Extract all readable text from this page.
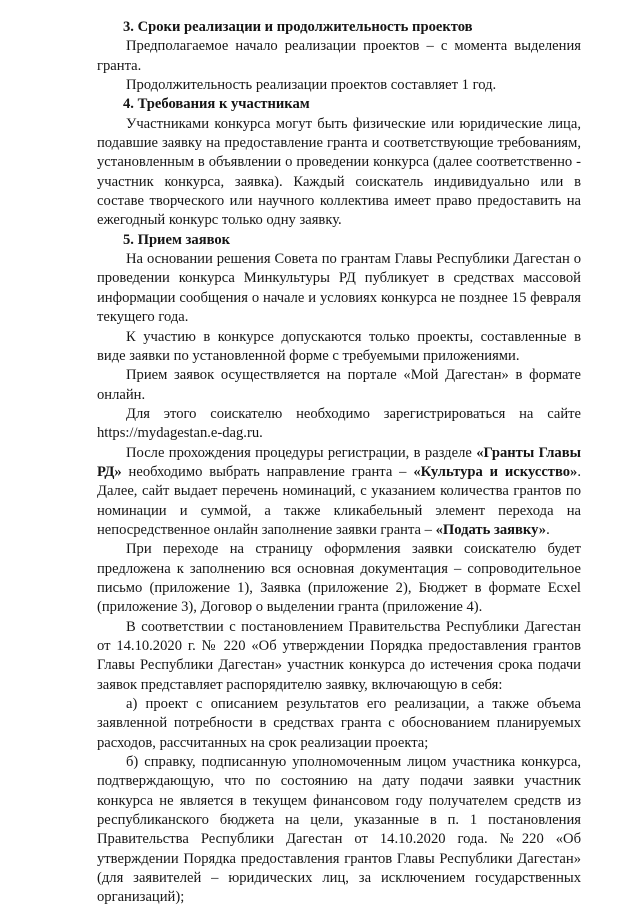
3. Сроки реализации и продолжительность проектов

Предполагаемое начало реализации проектов – с момента выделения гранта.

Продолжительность реализации проектов составляет 1 год.

4. Требования к участникам

Участниками конкурса могут быть физические или юридические лица, подавшие заявку на предоставление гранта и соответствующие требованиям, установленным в объявлении о проведении конкурса (далее соответственно - участник конкурса, заявка). Каждый соискатель индивидуально или в составе творческого или научного коллектива имеет право предоставить на ежегодный конкурс только одну заявку.

5. Прием заявок

На основании решения Совета по грантам Главы Республики Дагестан о проведении конкурса Минкультуры РД публикует в средствах массовой информации сообщения о начале и условиях конкурса не позднее 15 февраля текущего года.

К участию в конкурсе допускаются только проекты, составленные в виде заявки по установленной форме с требуемыми приложениями.

Прием заявок осуществляется на портале «Мой Дагестан» в формате онлайн.

Для этого соискателю необходимо зарегистрироваться на сайте https://mydagestan.e-dag.ru.

После прохождения процедуры регистрации, в разделе «Гранты Главы РД» необходимо выбрать направление гранта – «Культура и искусство». Далее, сайт выдает перечень номинаций, с указанием количества грантов по номинации и суммой, а также кликабельный элемент перехода на непосредственное онлайн заполнение заявки гранта – «Подать заявку».

При переходе на страницу оформления заявки соискателю будет предложена к заполнению вся основная документация – сопроводительное письмо (приложение 1), Заявка (приложение 2), Бюджет в формате Ecxel (приложение 3), Договор о выделении гранта (приложение 4).

В соответствии с постановлением Правительства Республики Дагестан от 14.10.2020 г. № 220 «Об утверждении Порядка предоставления грантов Главы Республики Дагестан» участник конкурса до истечения срока подачи заявок представляет распорядителю заявку, включающую в себя:

а) проект с описанием результатов его реализации, а также объема заявленной потребности в средствах гранта с обоснованием планируемых расходов, рассчитанных на срок реализации проекта;

б) справку, подписанную уполномоченным лицом участника конкурса, подтверждающую, что по состоянию на дату подачи заявки участник конкурса не является в текущем финансовом году получателем средств из республиканского бюджета на цели, указанные в п. 1 постановления Правительства Республики Дагестан от 14.10.2020 года. №220 «Об утверждении Порядка предоставления грантов Главы Республики Дагестан» (для заявителей – юридических лиц, за исключением государственных организаций);
